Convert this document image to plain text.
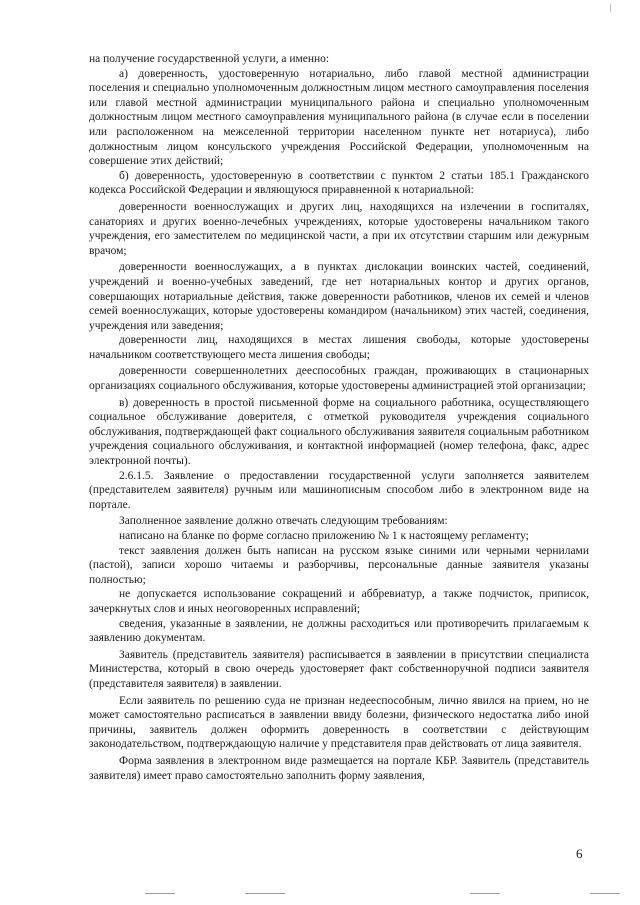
на получение государственной услуги, а именно:

а) доверенность, удостоверенную нотариально, либо главой местной администрации поселения и специально уполномоченным должностным лицом местного самоуправления поселения или главой местной администрации муниципального района и специально уполномоченным должностным лицом местного самоуправления муниципального района (в случае если в поселении или расположенном на межселенной территории населенном пункте нет нотариуса), либо должностным лицом консульского учреждения Российской Федерации, уполномоченным на совершение этих действий;

б) доверенность, удостоверенную в соответствии с пунктом 2 статьи 185.1 Гражданского кодекса Российской Федерации и являющуюся приравненной к нотариальной:

доверенности военнослужащих и других лиц, находящихся на излечении в госпиталях, санаториях и других военно-лечебных учреждениях, которые удостоверены начальником такого учреждения, его заместителем по медицинской части, а при их отсутствии старшим или дежурным врачом;

доверенности военнослужащих, а в пунктах дислокации воинских частей, соединений, учреждений и военно-учебных заведений, где нет нотариальных контор и других органов, совершающих нотариальные действия, также доверенности работников, членов их семей и членов семей военнослужащих, которые удостоверены командиром (начальником) этих частей, соединения, учреждения или заведения;

доверенности лиц, находящихся в местах лишения свободы, которые удостоверены начальником соответствующего места лишения свободы;

доверенности совершеннолетних дееспособных граждан, проживающих в стационарных организациях социального обслуживания, которые удостоверены администрацией этой организации;

в) доверенность в простой письменной форме на социального работника, осуществляющего социальное обслуживание доверителя, с отметкой руководителя учреждения социального обслуживания, подтверждающей факт социального обслуживания заявителя социальным работником учреждения социального обслуживания, и контактной информацией (номер телефона, факс, адрес электронной почты).

2.6.1.5. Заявление о предоставлении государственной услуги заполняется заявителем (представителем заявителя) ручным или машинописным способом либо в электронном виде на портале.

Заполненное заявление должно отвечать следующим требованиям:

написано на бланке по форме согласно приложению № 1 к настоящему регламенту;

текст заявления должен быть написан на русском языке синими или черными чернилами (пастой), записи хорошо читаемы и разборчивы, персональные данные заявителя указаны полностью;

не допускается использование сокращений и аббревиатур, а также подчисток, приписок, зачеркнутых слов и иных неоговоренных исправлений;

сведения, указанные в заявлении, не должны расходиться или противоречить прилагаемым к заявлению документам.

Заявитель (представитель заявителя) расписывается в заявлении в присутствии специалиста Министерства, который в свою очередь удостоверяет факт собственноручной подписи заявителя (представителя заявителя) в заявлении.

Если заявитель по решению суда не признан недееспособным, лично явился на прием, но не может самостоятельно расписаться в заявлении ввиду болезни, физического недостатка либо иной причины, заявитель должен оформить доверенность в соответствии с действующим законодательством, подтверждающую наличие у представителя прав действовать от лица заявителя.

Форма заявления в электронном виде размещается на портале КБР. Заявитель (представитель заявителя) имеет право самостоятельно заполнить форму заявления,

6
